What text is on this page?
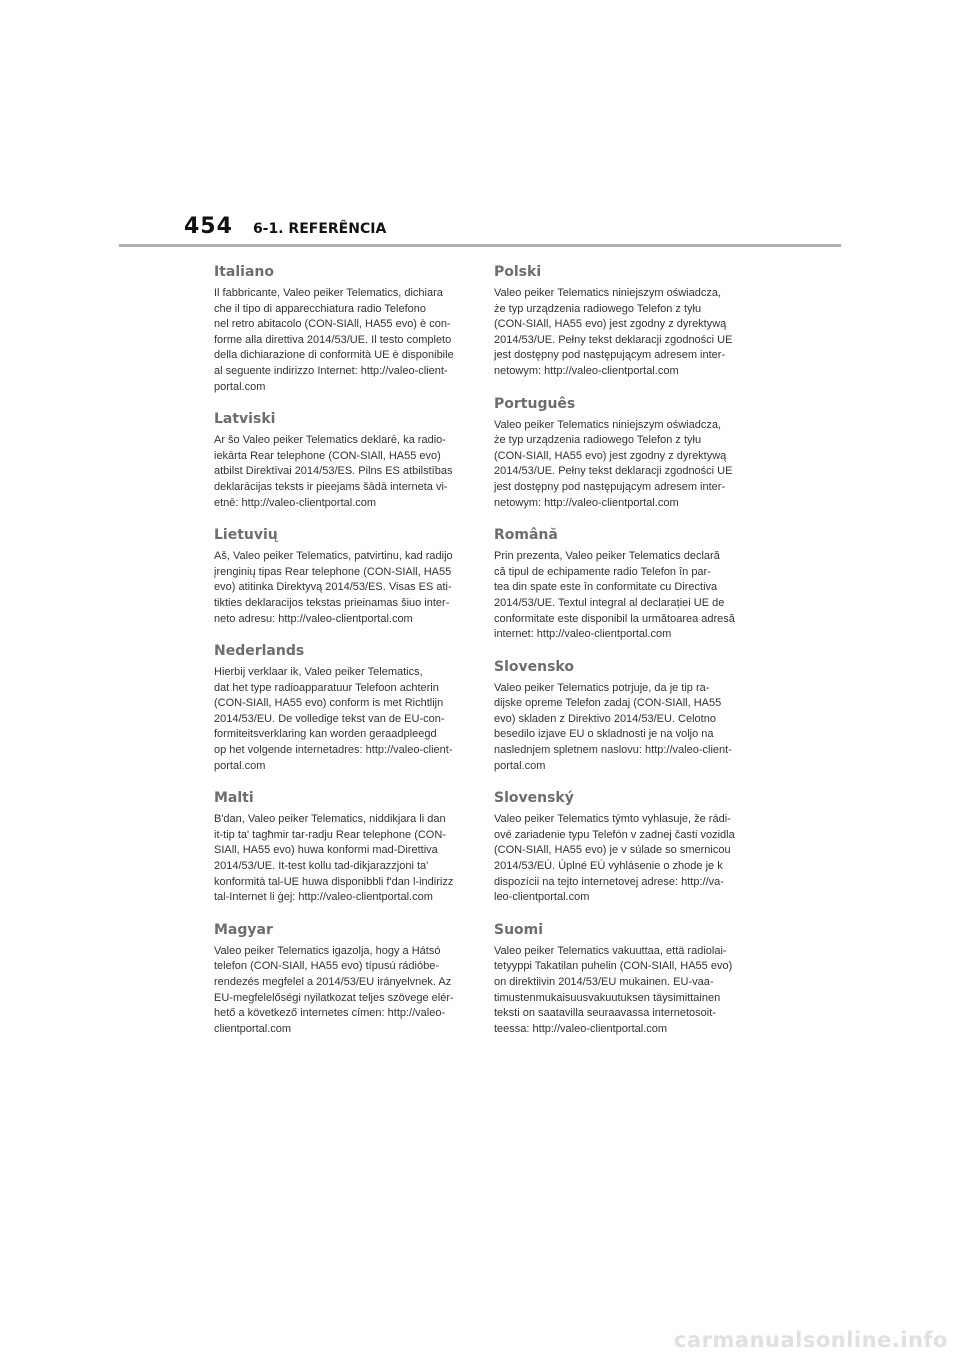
454 6-1. REFERÊNCIA
Italiano

Il fabbricante, Valeo peiker Telematics, dichiara
che il tipo di apparecchiatura radio Telefono
nel retro abitacolo (CON-SIAll, HA55 evo) è con-
forme alla direttiva 2014/53/UE. Il testo completo
della dichiarazione di conformità UE è disponibile
al seguente indirizzo Internet: http://valeo-client-
portal.com

Latviski

Ar šo Valeo peiker Telematics deklarē, ka radio-
iekārta Rear telephone (CON-SIAll, HA55 evo)
atbilst Direktīvai 2014/53/ES. Pilns ES atbilstības
deklarācijas teksts ir pieejams šādā interneta vi-
etnē: http://valeo-clientportal.com

Lietuvių

Aš, Valeo peiker Telematics, patvirtinu, kad radijo
įrenginių tipas Rear telephone (CON-SIAll, HA55
evo) atitinka Direktyvą 2014/53/ES. Visas ES ati-
tikties deklaracijos tekstas prieinamas šiuo inter-
neto adresu: http://valeo-clientportal.com

Nederlands

Hierbij verklaar ik, Valeo peiker Telematics,
dat het type radioapparatuur Telefoon achterin
(CON-SIAll, HA55 evo) conform is met Richtlijn
2014/53/EU. De volledige tekst van de EU-con-
formiteitsverklaring kan worden geraadpleegd
op het volgende internetadres: http://valeo-client-
portal.com

Malti

B'dan, Valeo peiker Telematics, niddikjara li dan
it-tip ta' tagħmir tar-radju Rear telephone (CON-
SIAll, HA55 evo) huwa konformi mad-Direttiva
2014/53/UE. It-test kollu tad-dikjarazzjoni ta'
konformità tal-UE huwa disponibbli f'dan l-indirizz
tal-Internet li ġej: http://valeo-clientportal.com

Magyar

Valeo peiker Telematics igazolja, hogy a Hátsó
telefon (CON-SIAll, HA55 evo) típusú rádióbe-
rendezés megfelel a 2014/53/EU irányelvnek. Az
EU-megfelelőségi nyilatkozat teljes szövege elér-
hető a következő internetes címen: http://valeo-
clientportal.com

Polski

Valeo peiker Telematics niniejszym oświadcza,
że typ urządzenia radiowego Telefon z tyłu
(CON-SIAll, HA55 evo) jest zgodny z dyrektywą
2014/53/UE. Pełny tekst deklaracji zgodności UE
jest dostępny pod następującym adresem inter-
netowym: http://valeo-clientportal.com

Português

Valeo peiker Telematics niniejszym oświadcza,
że typ urządzenia radiowego Telefon z tyłu
(CON-SIAll, HA55 evo) jest zgodny z dyrektywą
2014/53/UE. Pełny tekst deklaracji zgodności UE
jest dostępny pod następującym adresem inter-
netowym: http://valeo-clientportal.com

Română

Prin prezenta, Valeo peiker Telematics declară
că tipul de echipamente radio Telefon în par-
tea din spate este în conformitate cu Directiva
2014/53/UE. Textul integral al declarației UE de
conformitate este disponibil la următoarea adresă
internet: http://valeo-clientportal.com

Slovensko

Valeo peiker Telematics potrjuje, da je tip ra-
dijske opreme Telefon zadaj (CON-SIAll, HA55
evo) skladen z Direktivo 2014/53/EU. Celotno
besedilo izjave EU o skladnosti je na voljo na
naslednjem spletnem naslovu: http://valeo-client-
portal.com

Slovenský

Valeo peiker Telematics týmto vyhlasuje, že rádi-
ové zariadenie typu Telefón v zadnej časti vozidla
(CON-SIAll, HA55 evo) je v súlade so smernicou
2014/53/EÚ. Úplné EÚ vyhlásenie o zhode je k
dispozícii na tejto internetovej adrese: http://va-
leo-clientportal.com

Suomi

Valeo peiker Telematics vakuuttaa, että radiolai-
tetyyppi Takatilan puhelin (CON-SIAll, HA55 evo)
on direktiivin 2014/53/EU mukainen. EU-vaa-
timustenmukaisuusvakuutuksen täysimittainen
teksti on saatavilla seuraavassa internetosoit-
teessa: http://valeo-clientportal.com

carmanualsonline.info
